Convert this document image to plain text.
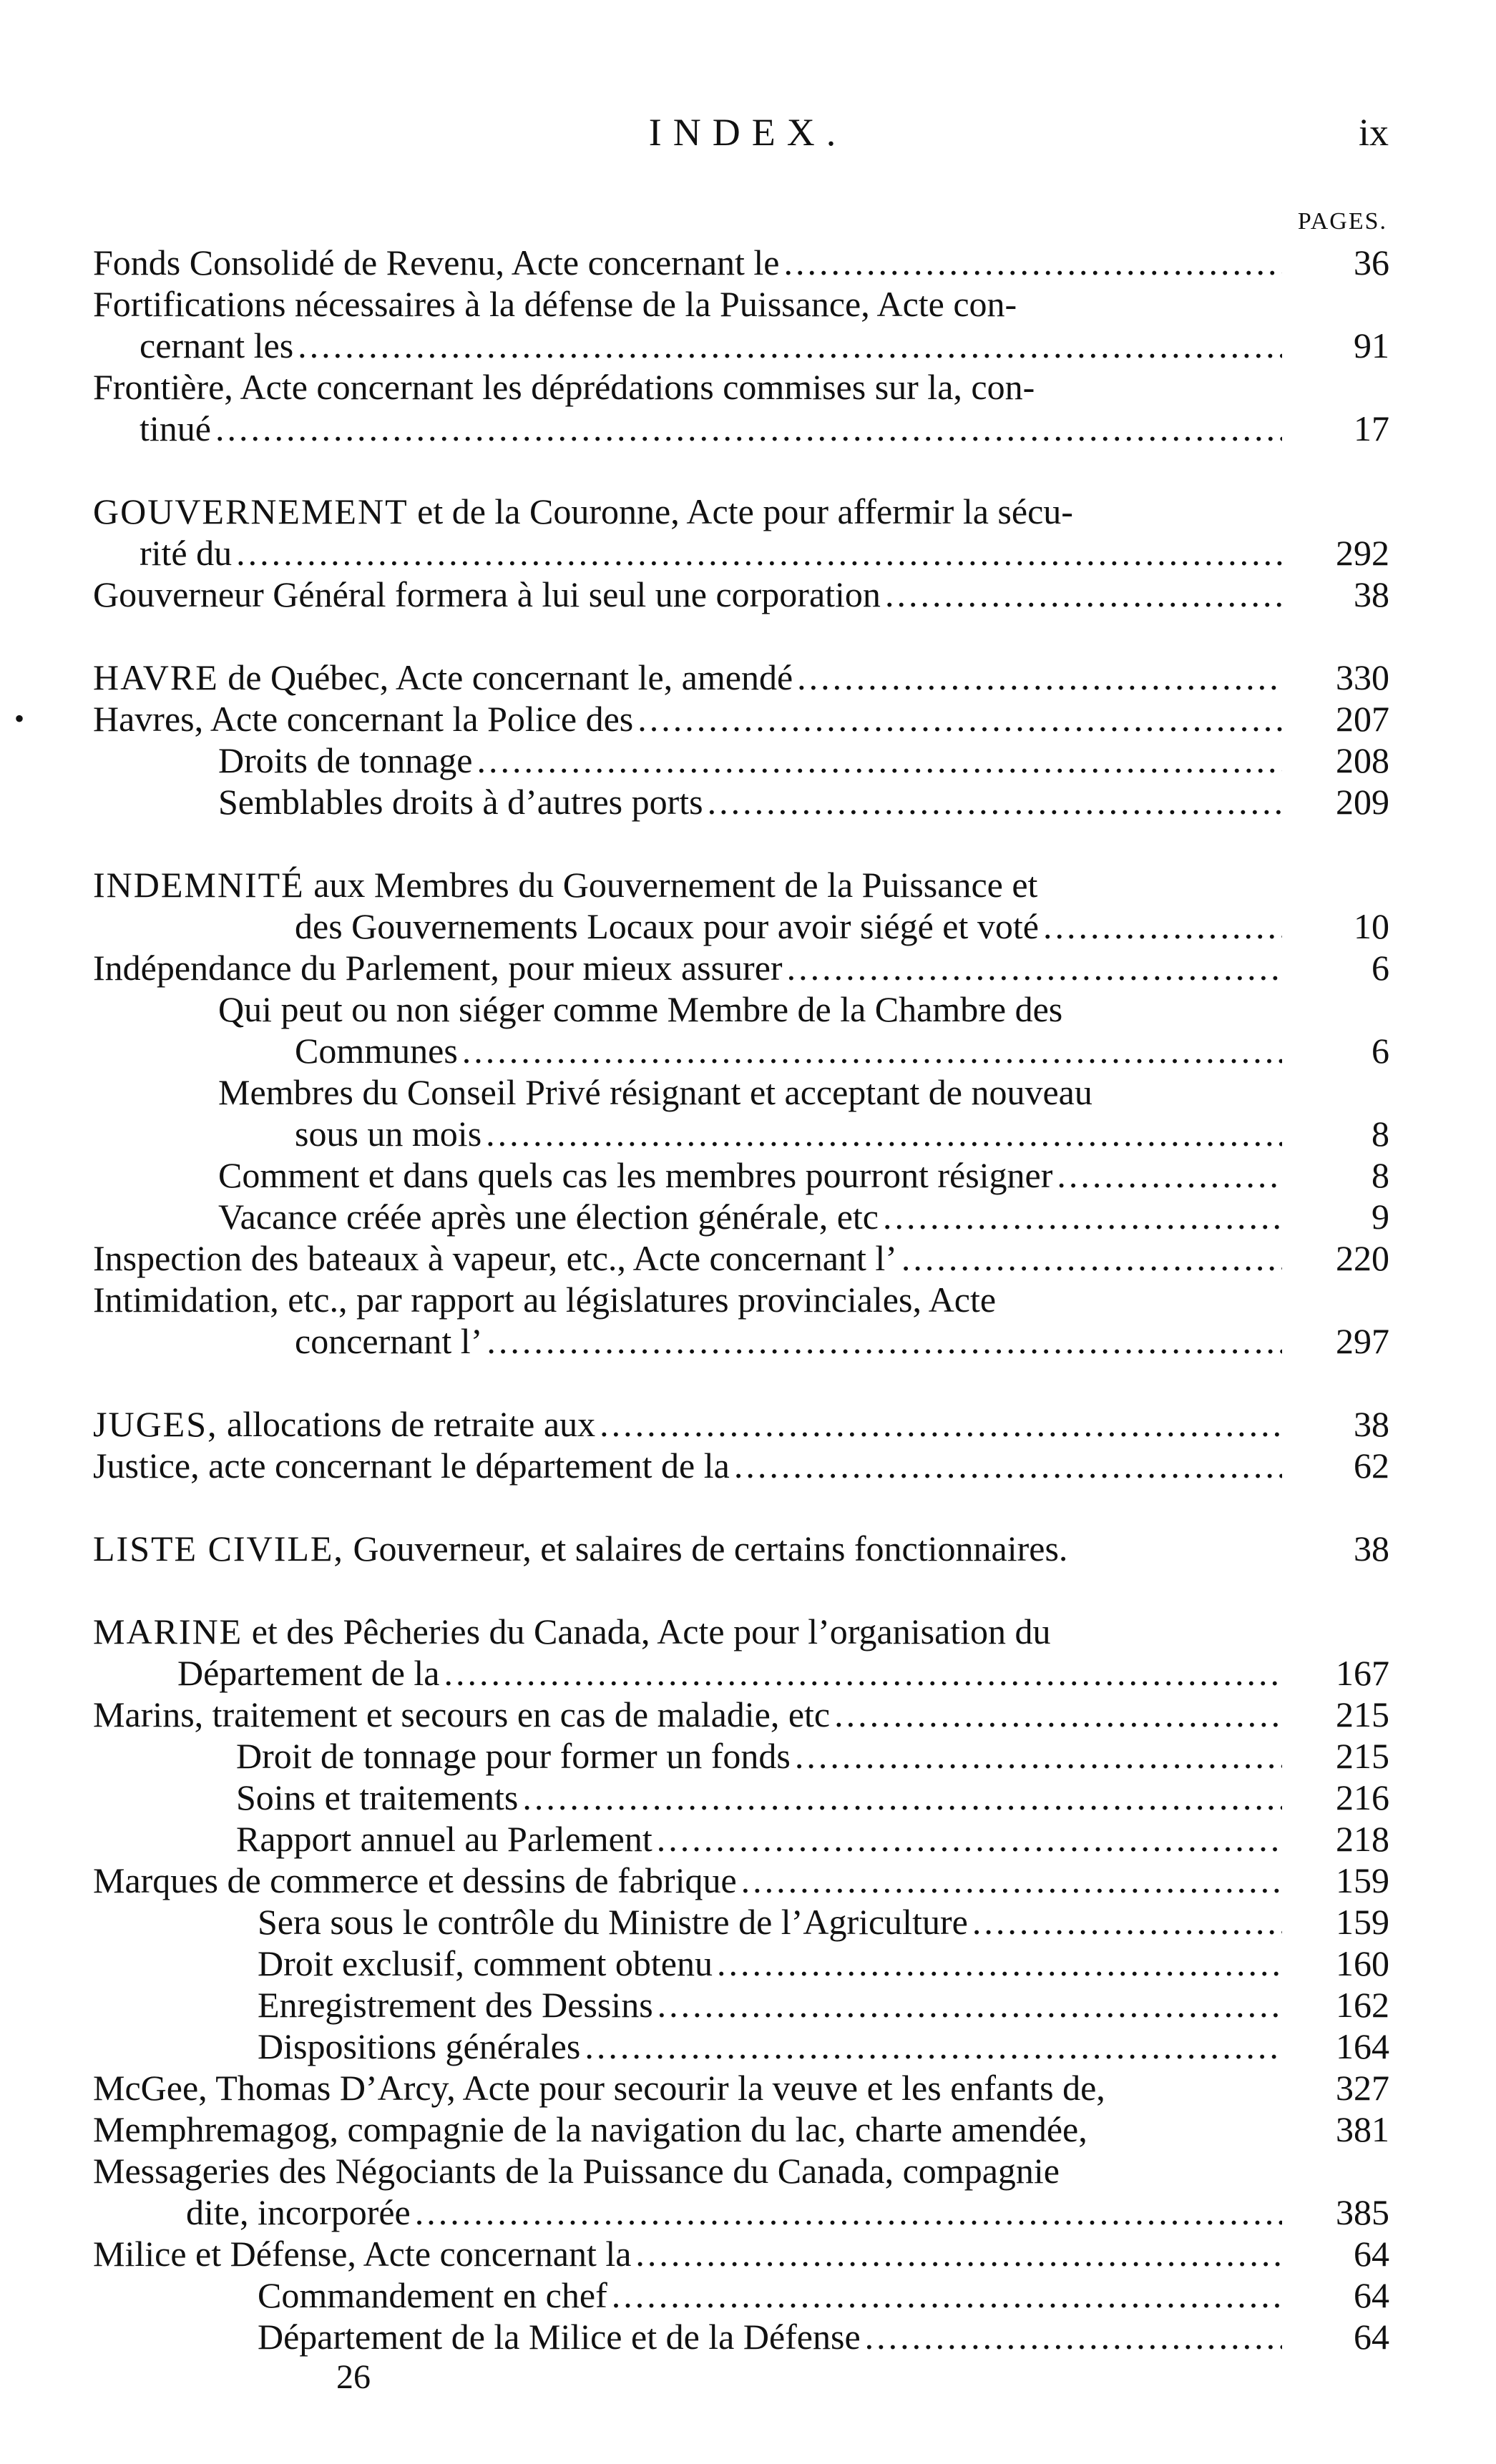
INDEX.	ix
PAGES.
Fonds Consolidé de Revenu, Acte concernant le .....	36
Fortifications nécessaires à la défense de la Puissance, Acte con-
cernant les .....	91
Frontière, Acte concernant les déprédations commises sur la, con-
tinué .....	17
GOUVERNEMENT et de la Couronne, Acte pour affermir la sécu-
rité du .....	292
Gouverneur Général formera à lui seul une corporation .....	38
HAVRE de Québec, Acte concernant le, amendé .....	330
• Havres, Acte concernant la Police des .....	207
Droits de tonnage .....	208
Semblables droits à d’autres ports .....	209
INDEMNITÉ aux Membres du Gouvernement de la Puissance et
des Gouvernements Locaux pour avoir siégé et voté .....	10
Indépendance du Parlement, pour mieux assurer .....	6
Qui peut ou non siéger comme Membre de la Chambre des
Communes .....	6
Membres du Conseil Privé résignant et acceptant de nouveau
sous un mois .....	8
Comment et dans quels cas les membres pourront résigner .....	8
Vacance créée après une élection générale, etc .....	9
Inspection des bateaux à vapeur, etc., Acte concernant l’ .....	220
Intimidation, etc., par rapport au législatures provinciales, Acte
concernant l’ .....	297
JUGES, allocations de retraite aux .....	38
Justice, acte concernant le département de la .....	62
LISTE CIVILE, Gouverneur, et salaires de certains fonctionnaires.	38
MARINE et des Pêcheries du Canada, Acte pour l’organisation du
Département de la .....	167
Marins, traitement et secours en cas de maladie, etc .....	215
Droit de tonnage pour former un fonds .....	215
Soins et traitements .....	216
Rapport annuel au Parlement .....	218
Marques de commerce et dessins de fabrique .....	159
Sera sous le contrôle du Ministre de l’Agriculture .....	159
Droit exclusif, comment obtenu .....	160
Enregistrement des Dessins .....	162
Dispositions générales .....	164
McGee, Thomas D’Arcy, Acte pour secourir la veuve et les enfants de,	327
Memphremagog, compagnie de la navigation du lac, charte amendée,	381
Messageries des Négociants de la Puissance du Canada, compagnie
dite, incorporée .....	385
Milice et Défense, Acte concernant la .....	64
Commandement en chef .....	64
Département de la Milice et de la Défense .....	64
26
